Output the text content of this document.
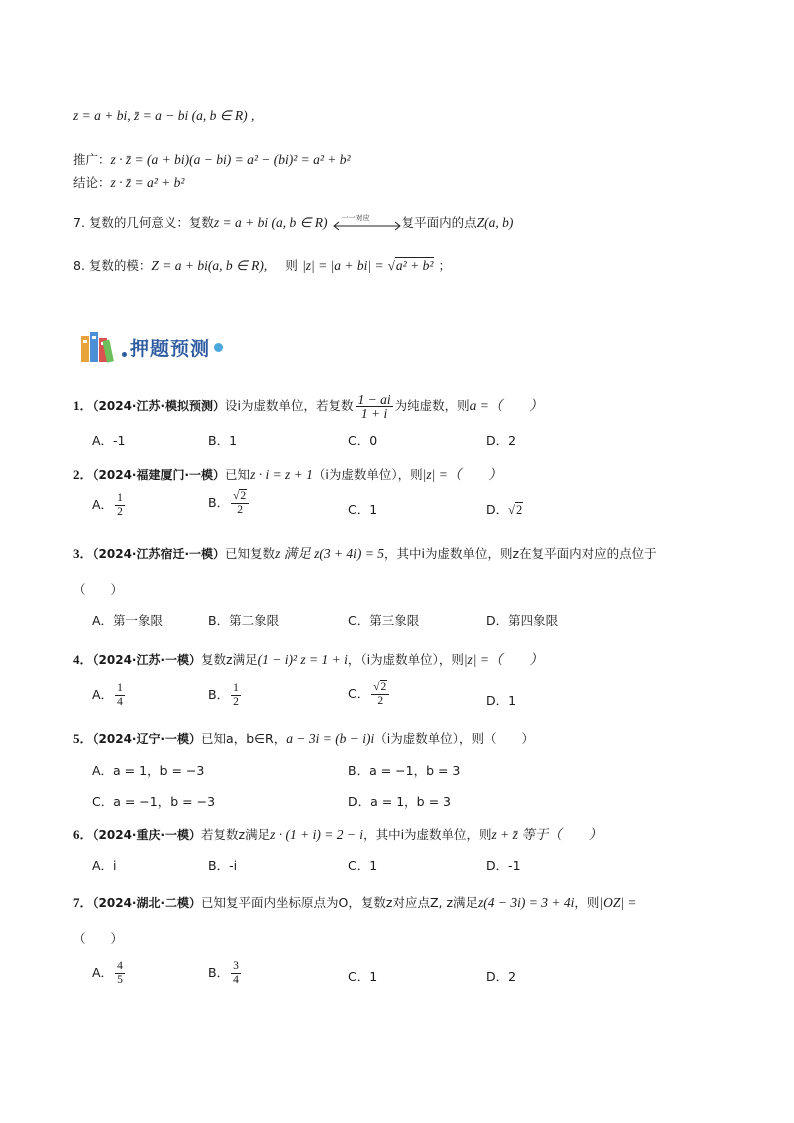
z = a + bi, z̄ = a − bi (a, b ∈ R) ,
推广：z · z̄ = (a + bi)(a − bi) = a² − (bi)² = a² + b²
结论：z · z̄ = a² + b²
7. 复数的几何意义：复数z = a + bi (a, b ∈ R) 一一对应	复平面内的点Z(a, b)
8. 复数的模：Z = a + bi(a, b ∈ R), 则 |z| = |a + bi| = √a² + b² ；
押题预测
1．（2024·江苏·模拟预测）设i为虚数单位，若复数 $\frac{1 - ai}{1 + i}$ 为纯虚数，则a =（　　）
A．-1	B．1	C．0	D．2
2．（2024·福建厦门·一模）已知z · i = z + 1（i为虚数单位），则|z| =（　　）
A． $\frac{1}{2}$	B． $\frac{√2}{2}$	C．1	D．√2
3．（2024·江苏宿迁·一模）已知复数z 满足 z(3 + 4i) = 5，其中i为虚数单位，则z在复平面内对应的点位于
（　　）
A．第一象限	B．第二象限	C．第三象限	D．第四象限
4．（2024·江苏·一模）复数z满足(1 − i)² z = 1 + i，（i为虚数单位），则|z| =（　　）
A． $\frac{1}{4}$	B． $\frac{1}{2}$	C． $\frac{√2}{2}$	D．1
5．（2024·辽宁·一模）已知a，b∈R，a − 3i = (b − i)i（i为虚数单位），则（　　）
A．a = 1，b = −3	B．a = −1，b = 3
C．a = −1，b = −3	D．a = 1，b = 3
6．（2024·重庆·一模）若复数z满足z · (1 + i) = 2 − i，其中i为虚数单位，则z + z̄ 等于（　　）
A．i	B．-i	C．1	D．-1
7．（2024·湖北·二模）已知复平面内坐标原点为O，复数z对应点Z, z满足z(4 − 3i) = 3 + 4i，则|OZ| =
（　　）
A． $\frac{4}{5}$	B． $\frac{3}{4}$	C．1	D．2
